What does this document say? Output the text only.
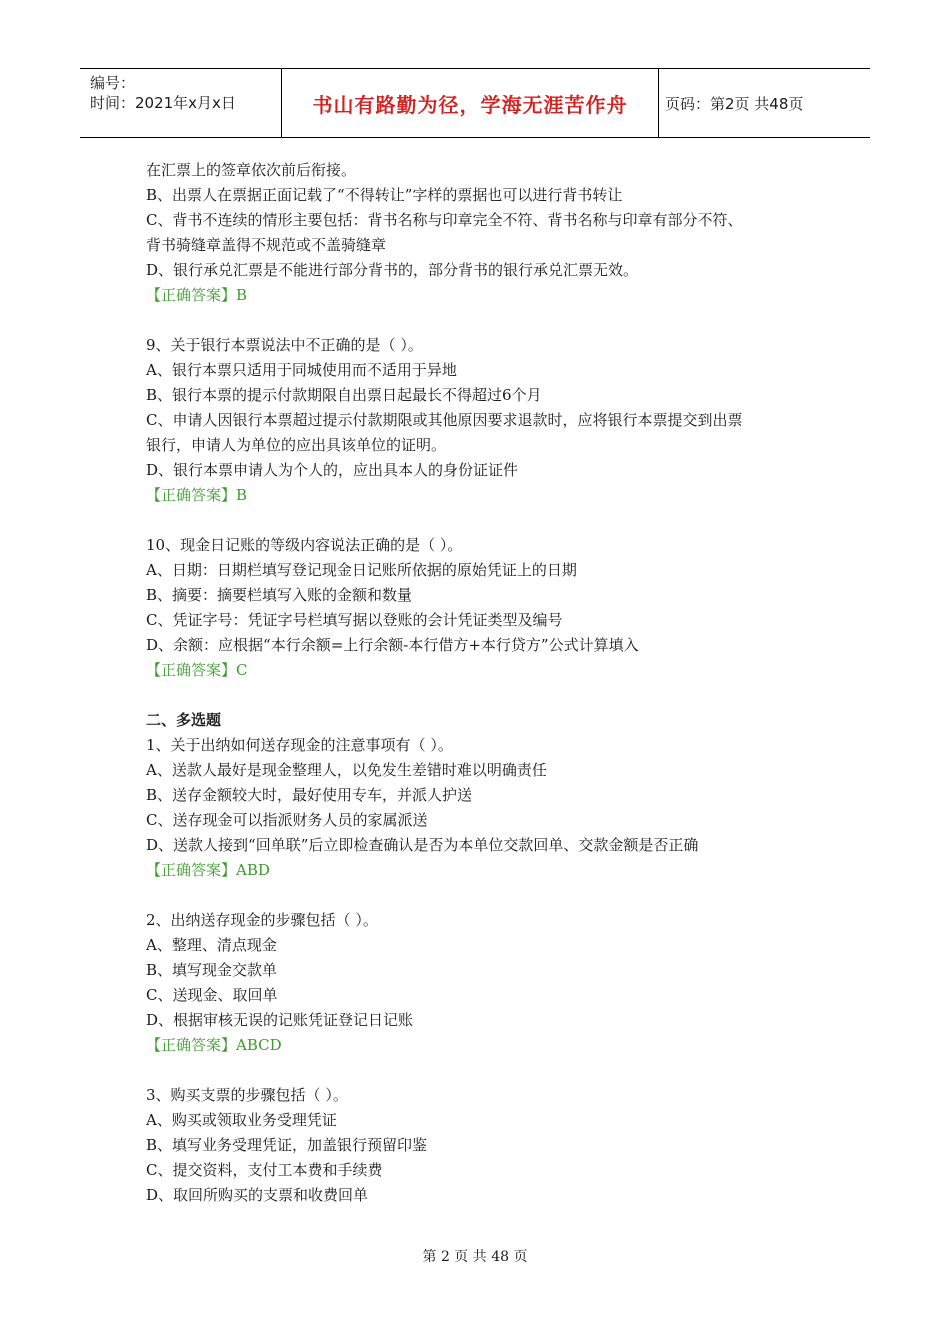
编号：
时间：2021年x月x日	书山有路勤为径，学海无涯苦作舟	页码：第2页 共48页
在汇票上的签章依次前后衔接。
B、出票人在票据正面记载了“不得转让”字样的票据也可以进行背书转让
C、背书不连续的情形主要包括：背书名称与印章完全不符、背书名称与印章有部分不符、
背书骑缝章盖得不规范或不盖骑缝章
D、银行承兑汇票是不能进行部分背书的，部分背书的银行承兑汇票无效。
【正确答案】B
9、关于银行本票说法中不正确的是（ ）。
A、银行本票只适用于同城使用而不适用于异地
B、银行本票的提示付款期限自出票日起最长不得超过6个月
C、申请人因银行本票超过提示付款期限或其他原因要求退款时，应将银行本票提交到出票
银行，申请人为单位的应出具该单位的证明。
D、银行本票申请人为个人的，应出具本人的身份证证件
【正确答案】B
10、现金日记账的等级内容说法正确的是（ ）。
A、日期：日期栏填写登记现金日记账所依据的原始凭证上的日期
B、摘要：摘要栏填写入账的金额和数量
C、凭证字号：凭证字号栏填写据以登账的会计凭证类型及编号
D、余额：应根据“本行余额=上行余额-本行借方+本行贷方”公式计算填入
【正确答案】C
二、多选题
1、关于出纳如何送存现金的注意事项有（ ）。
A、送款人最好是现金整理人，以免发生差错时难以明确责任
B、送存金额较大时，最好使用专车，并派人护送
C、送存现金可以指派财务人员的家属派送
D、送款人接到“回单联”后立即检查确认是否为本单位交款回单、交款金额是否正确
【正确答案】ABD
2、出纳送存现金的步骤包括（ ）。
A、整理、清点现金
B、填写现金交款单
C、送现金、取回单
D、根据审核无误的记账凭证登记日记账
【正确答案】ABCD
3、购买支票的步骤包括（ ）。
A、购买或领取业务受理凭证
B、填写业务受理凭证，加盖银行预留印鉴
C、提交资料，支付工本费和手续费
D、取回所购买的支票和收费回单
第 2 页 共 48 页
